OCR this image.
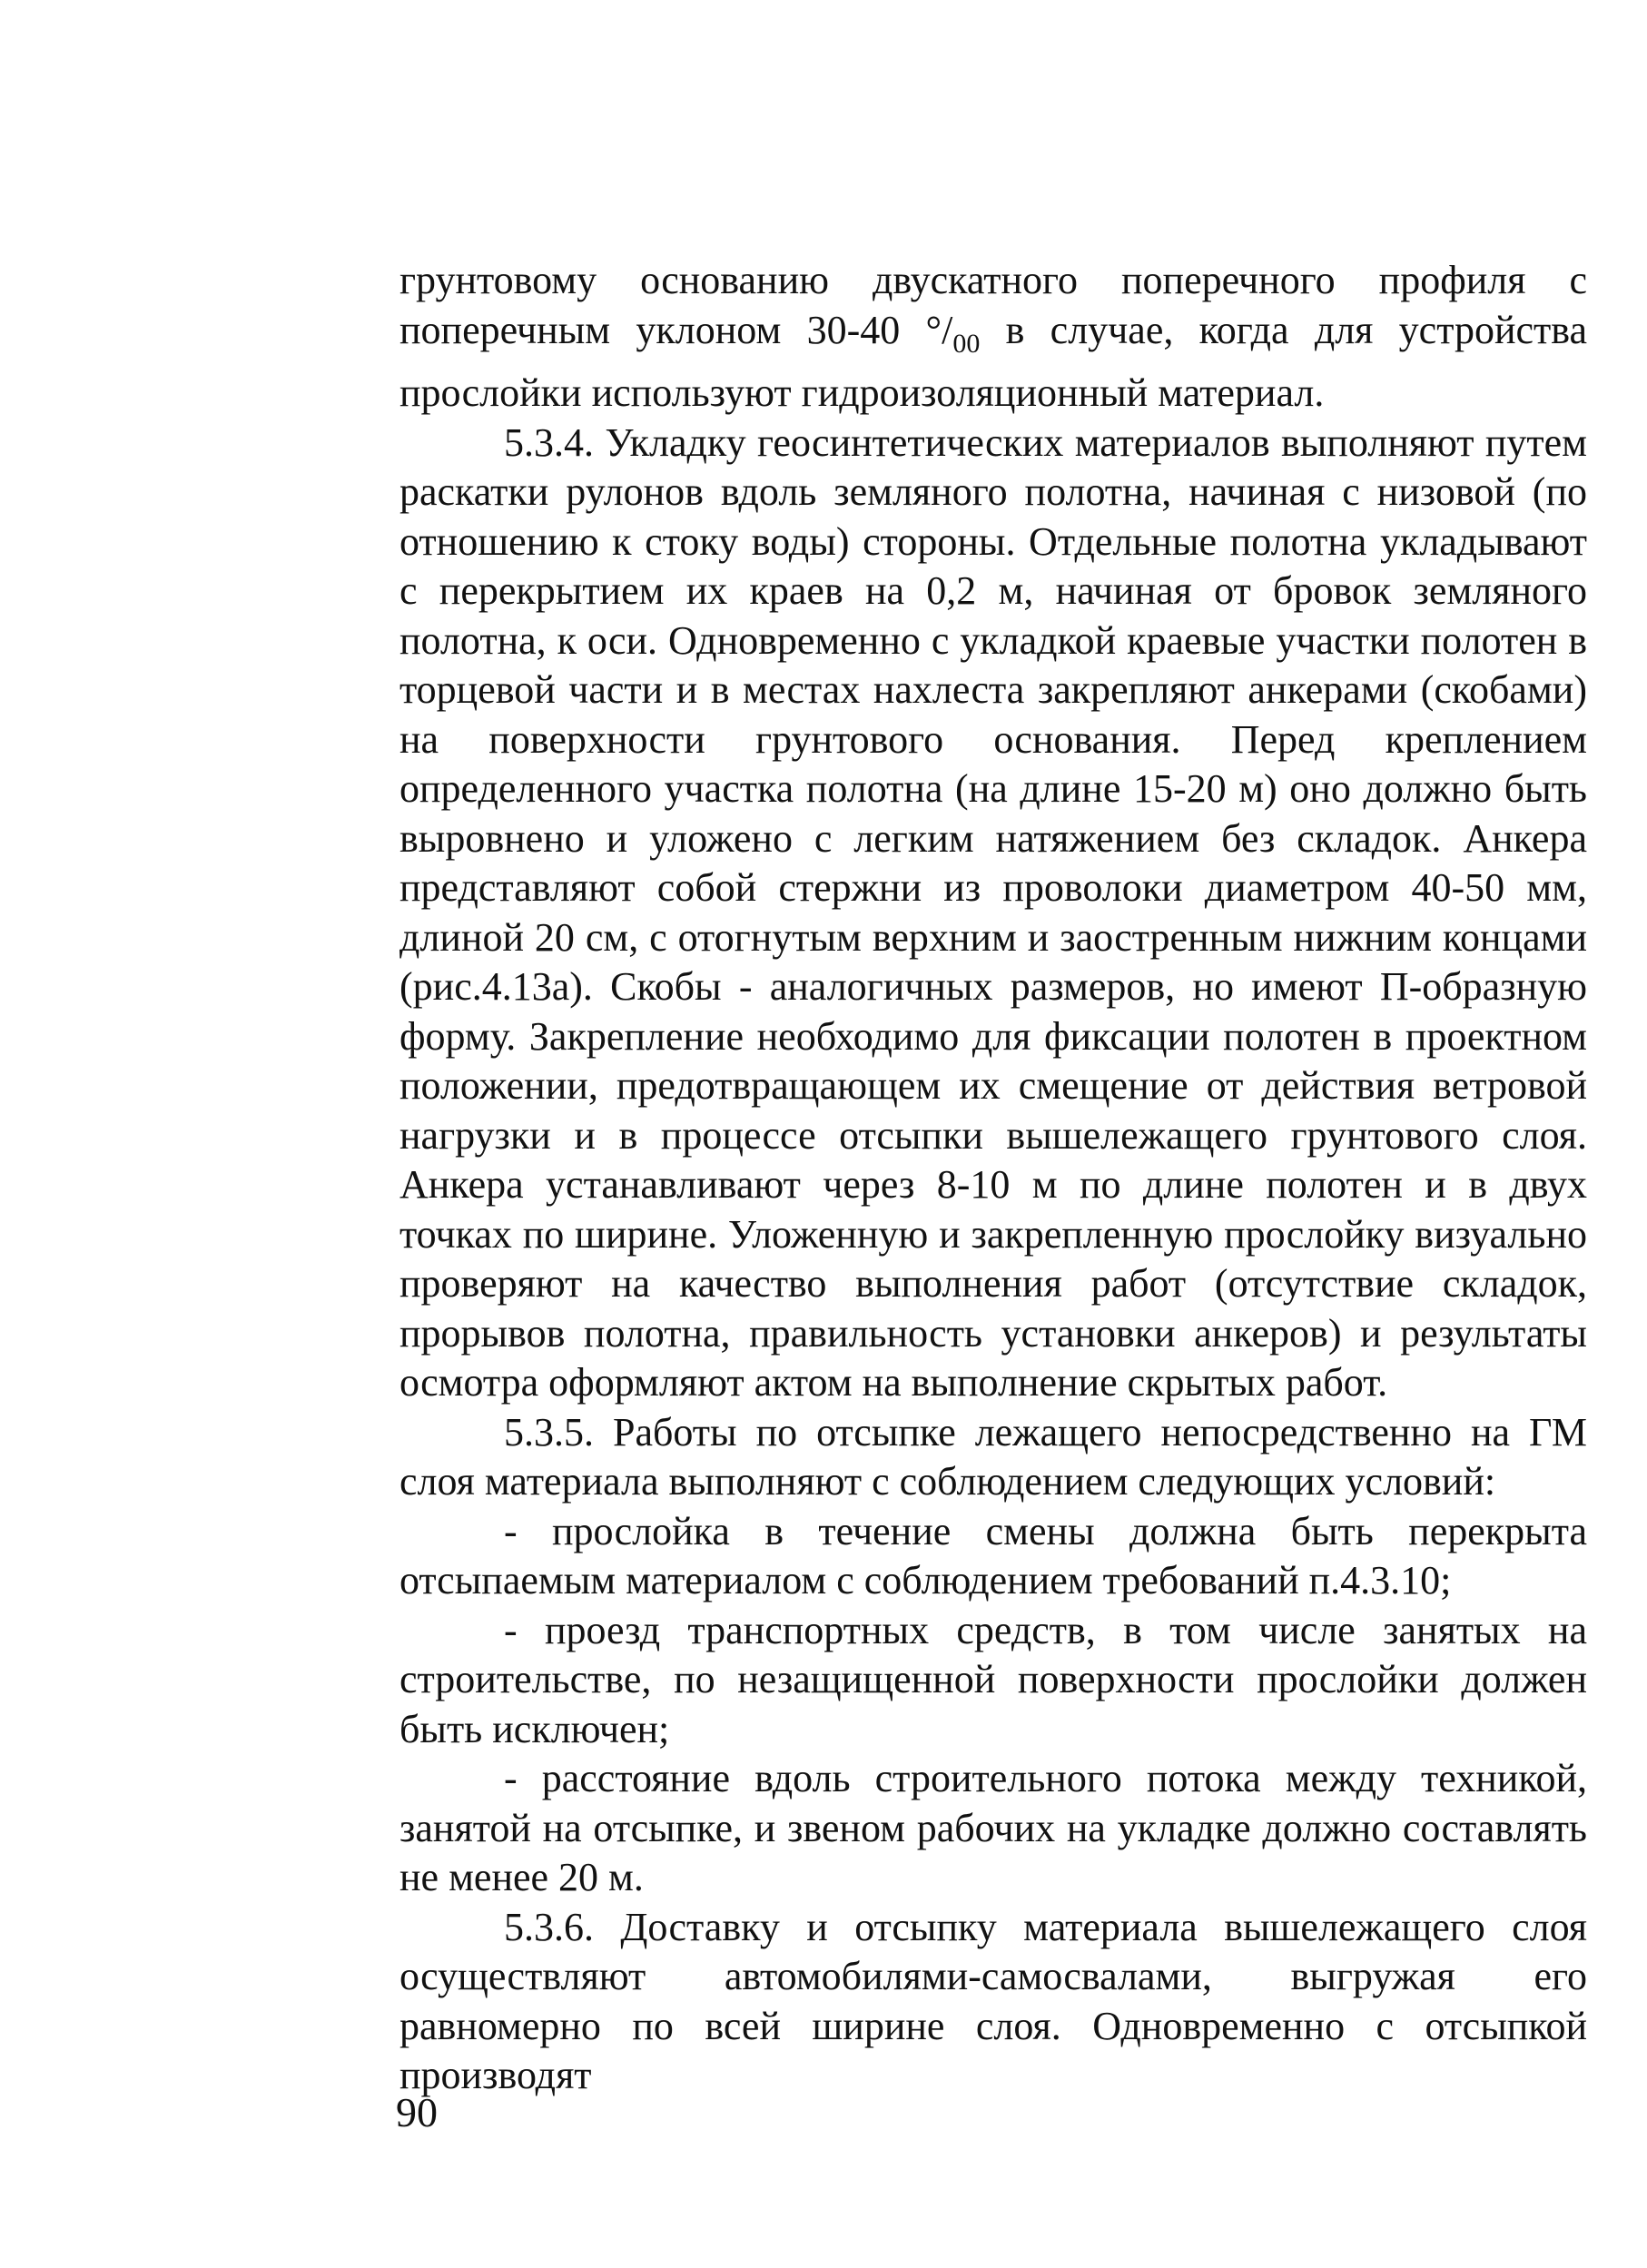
грунтовому основанию двускатного поперечного профиля с поперечным уклоном 30-40 $^\circ/_{00}$ в случае, когда для устройства прослойки используют гидроизоляционный материал.

5.3.4. Укладку геосинтетических материалов выполняют путем раскатки рулонов вдоль земляного полотна, начиная с низовой (по отношению к стоку воды) стороны. Отдельные полотна укладывают с перекрытием их краев на 0,2 м, начиная от бровок земляного полотна, к оси. Одновременно с укладкой краевые участки полотен в торцевой части и в местах нахлеста закрепляют анкерами (скобами) на поверхности грунтового основания. Перед креплением определенного участка полотна (на длине 15-20 м) оно должно быть выровнено и уложено с легким натяжением без складок. Анкера представляют собой стержни из проволоки диаметром 40-50 мм, длиной 20 см, с отогнутым верхним и заостренным нижним концами (рис.4.13а). Скобы - аналогичных размеров, но имеют П-образную форму. Закрепление необходимо для фиксации полотен в проектном положении, предотвращающем их смещение от действия ветровой нагрузки и в процессе отсыпки вышележащего грунтового слоя. Анкера устанавливают через 8-10 м по длине полотен и в двух точках по ширине. Уложенную и закрепленную прослойку визуально проверяют на качество выполнения работ (отсутствие складок, прорывов полотна, правильность установки анкеров) и результаты осмотра оформляют актом на выполнение скрытых работ.

5.3.5. Работы по отсыпке лежащего непосредственно на ГМ слоя материала выполняют с соблюдением следующих условий:

- прослойка в течение смены должна быть перекрыта отсыпаемым материалом с соблюдением требований п.4.3.10;

- проезд транспортных средств, в том числе занятых на строительстве, по незащищенной поверхности прослойки должен быть исключен;

- расстояние вдоль строительного потока между техникой, занятой на отсыпке, и звеном рабочих на укладке должно составлять не менее 20 м.

5.3.6. Доставку и отсыпку материала вышележащего слоя осуществляют автомобилями-самосвалами, выгружая его равномерно по всей ширине слоя. Одновременно с отсыпкой производят

90
